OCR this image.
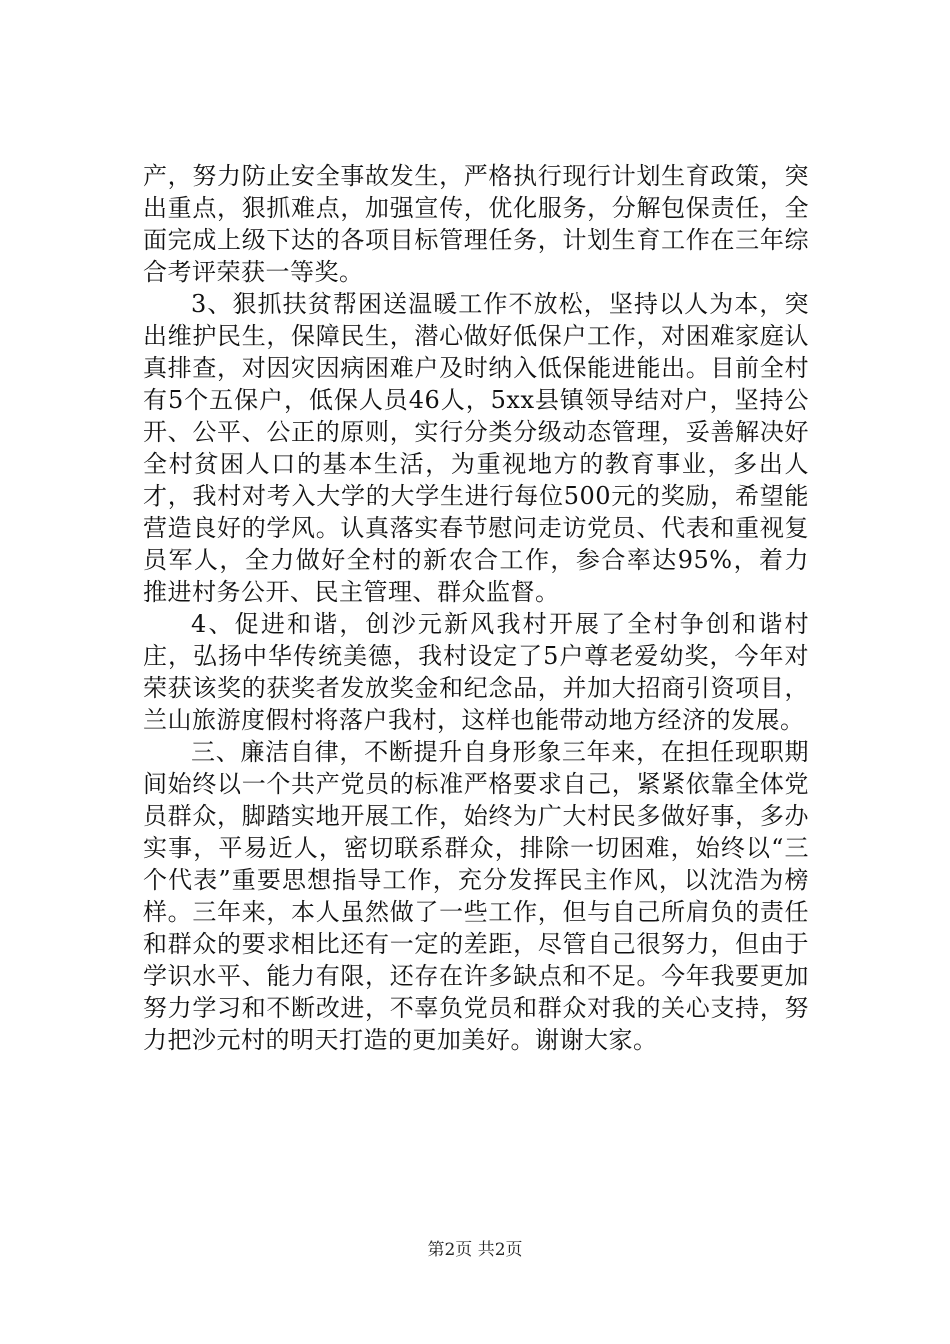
产，努力防止安全事故发生，严格执行现行计划生育政策，突出重点，狠抓难点，加强宣传，优化服务，分解包保责任，全面完成上级下达的各项目标管理任务，计划生育工作在三年综合考评荣获一等奖。

3、狠抓扶贫帮困送温暖工作不放松，坚持以人为本，突出维护民生，保障民生，潜心做好低保户工作，对困难家庭认真排查，对因灾因病困难户及时纳入低保能进能出。目前全村有5个五保户，低保人员46人，5xx县镇领导结对户，坚持公开、公平、公正的原则，实行分类分级动态管理，妥善解决好全村贫困人口的基本生活，为重视地方的教育事业，多出人才，我村对考入大学的大学生进行每位500元的奖励，希望能营造良好的学风。认真落实春节慰问走访党员、代表和重视复员军人，全力做好全村的新农合工作，参合率达95%，着力推进村务公开、民主管理、群众监督。

4、促进和谐，创沙元新风我村开展了全村争创和谐村庄，弘扬中华传统美德，我村设定了5户尊老爱幼奖，今年对荣获该奖的获奖者发放奖金和纪念品，并加大招商引资项目，兰山旅游度假村将落户我村，这样也能带动地方经济的发展。

三、廉洁自律，不断提升自身形象三年来，在担任现职期间始终以一个共产党员的标准严格要求自己，紧紧依靠全体党员群众，脚踏实地开展工作，始终为广大村民多做好事，多办实事，平易近人，密切联系群众，排除一切困难，始终以“三个代表”重要思想指导工作，充分发挥民主作风，以沈浩为榜样。三年来，本人虽然做了一些工作，但与自己所肩负的责任和群众的要求相比还有一定的差距，尽管自己很努力，但由于学识水平、能力有限，还存在许多缺点和不足。今年我要更加努力学习和不断改进，不辜负党员和群众对我的关心支持，努力把沙元村的明天打造的更加美好。谢谢大家。

第2页 共2页
